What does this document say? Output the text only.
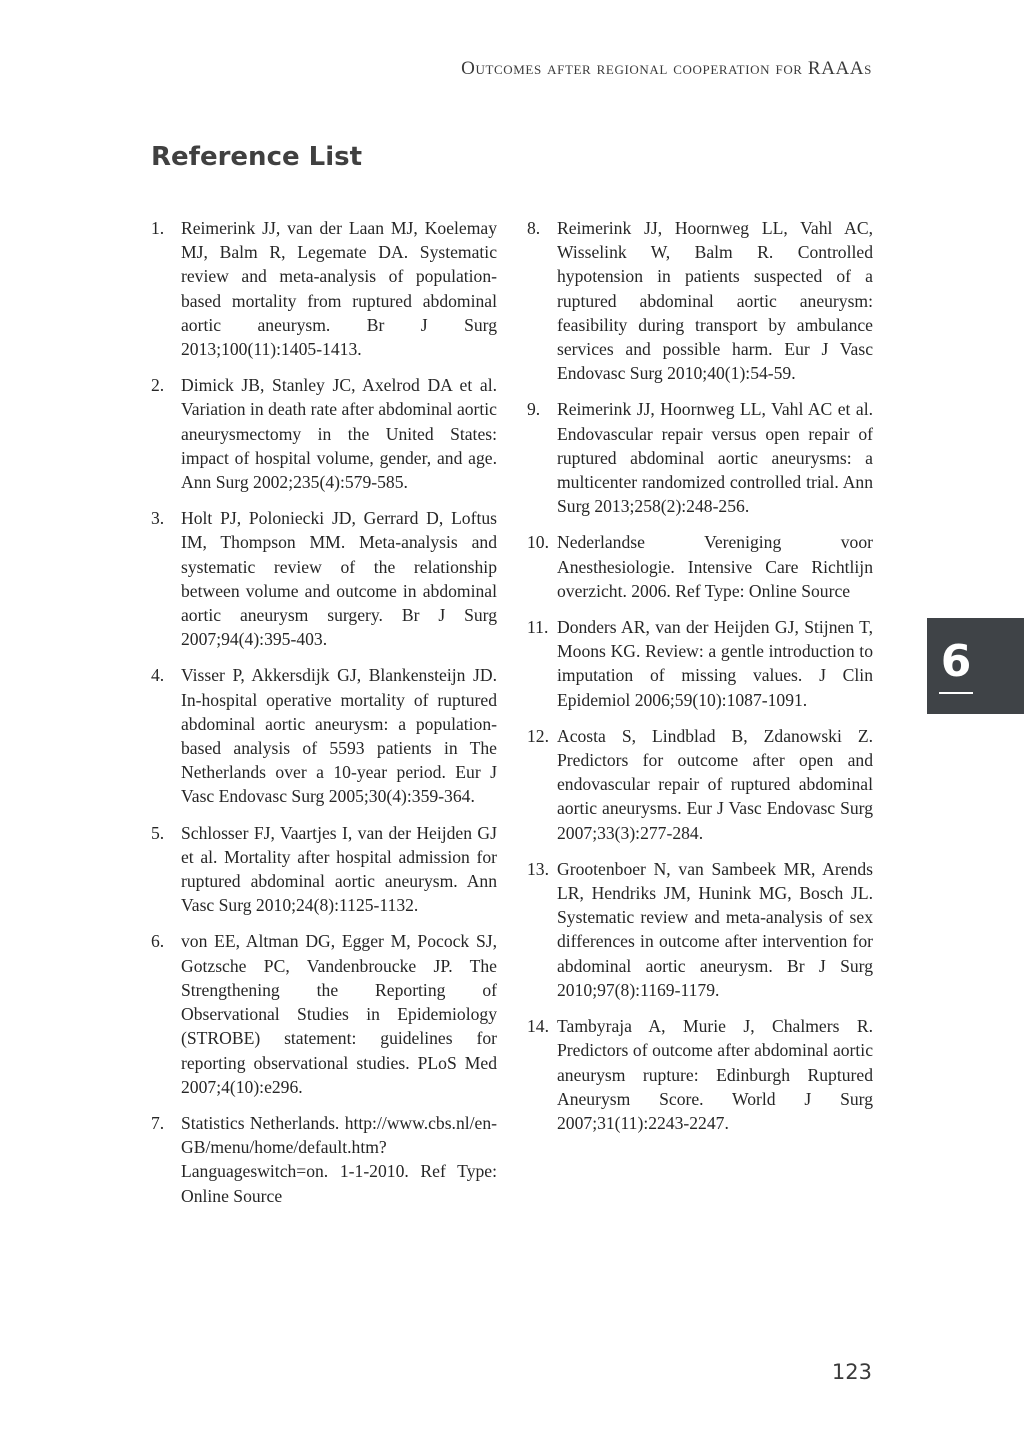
Outcomes after regional cooperation for RAAAs
Reference List
1. Reimerink JJ, van der Laan MJ, Koelemay MJ, Balm R, Legemate DA. Systematic review and meta-analysis of population-based mortality from ruptured abdominal aortic aneurysm. Br J Surg 2013;100(11):1405-1413.
2. Dimick JB, Stanley JC, Axelrod DA et al. Variation in death rate after abdominal aortic aneurysmectomy in the United States: impact of hospital volume, gender, and age. Ann Surg 2002;235(4):579-585.
3. Holt PJ, Poloniecki JD, Gerrard D, Loftus IM, Thompson MM. Meta-analysis and systematic review of the relationship between volume and outcome in abdominal aortic aneurysm surgery. Br J Surg 2007;94(4):395-403.
4. Visser P, Akkersdijk GJ, Blankensteijn JD. In-hospital operative mortality of ruptured abdominal aortic aneurysm: a population-based analysis of 5593 patients in The Netherlands over a 10-year period. Eur J Vasc Endovasc Surg 2005;30(4):359-364.
5. Schlosser FJ, Vaartjes I, van der Heijden GJ et al. Mortality after hospital admission for ruptured abdominal aortic aneurysm. Ann Vasc Surg 2010;24(8):1125-1132.
6. von EE, Altman DG, Egger M, Pocock SJ, Gotzsche PC, Vandenbroucke JP. The Strengthening the Reporting of Observational Studies in Epidemiology (STROBE) statement: guidelines for reporting observational studies. PLoS Med 2007;4(10):e296.
7. Statistics Netherlands. http://www.cbs.nl/en-GB/menu/home/default.htm?Languageswitch=on. 1-1-2010. Ref Type: Online Source
8. Reimerink JJ, Hoornweg LL, Vahl AC, Wisselink W, Balm R. Controlled hypotension in patients suspected of a ruptured abdominal aortic aneurysm: feasibility during transport by ambulance services and possible harm. Eur J Vasc Endovasc Surg 2010;40(1):54-59.
9. Reimerink JJ, Hoornweg LL, Vahl AC et al. Endovascular repair versus open repair of ruptured abdominal aortic aneurysms: a multicenter randomized controlled trial. Ann Surg 2013;258(2):248-256.
10. Nederlandse Vereniging voor Anesthesiologie. Intensive Care Richtlijn overzicht. 2006. Ref Type: Online Source
11. Donders AR, van der Heijden GJ, Stijnen T, Moons KG. Review: a gentle introduction to imputation of missing values. J Clin Epidemiol 2006;59(10):1087-1091.
12. Acosta S, Lindblad B, Zdanowski Z. Predictors for outcome after open and endovascular repair of ruptured abdominal aortic aneurysms. Eur J Vasc Endovasc Surg 2007;33(3):277-284.
13. Grootenboer N, van Sambeek MR, Arends LR, Hendriks JM, Hunink MG, Bosch JL. Systematic review and meta-analysis of sex differences in outcome after intervention for abdominal aortic aneurysm. Br J Surg 2010;97(8):1169-1179.
14. Tambyraja A, Murie J, Chalmers R. Predictors of outcome after abdominal aortic aneurysm rupture: Edinburgh Ruptured Aneurysm Score. World J Surg 2007;31(11):2243-2247.
6
123
